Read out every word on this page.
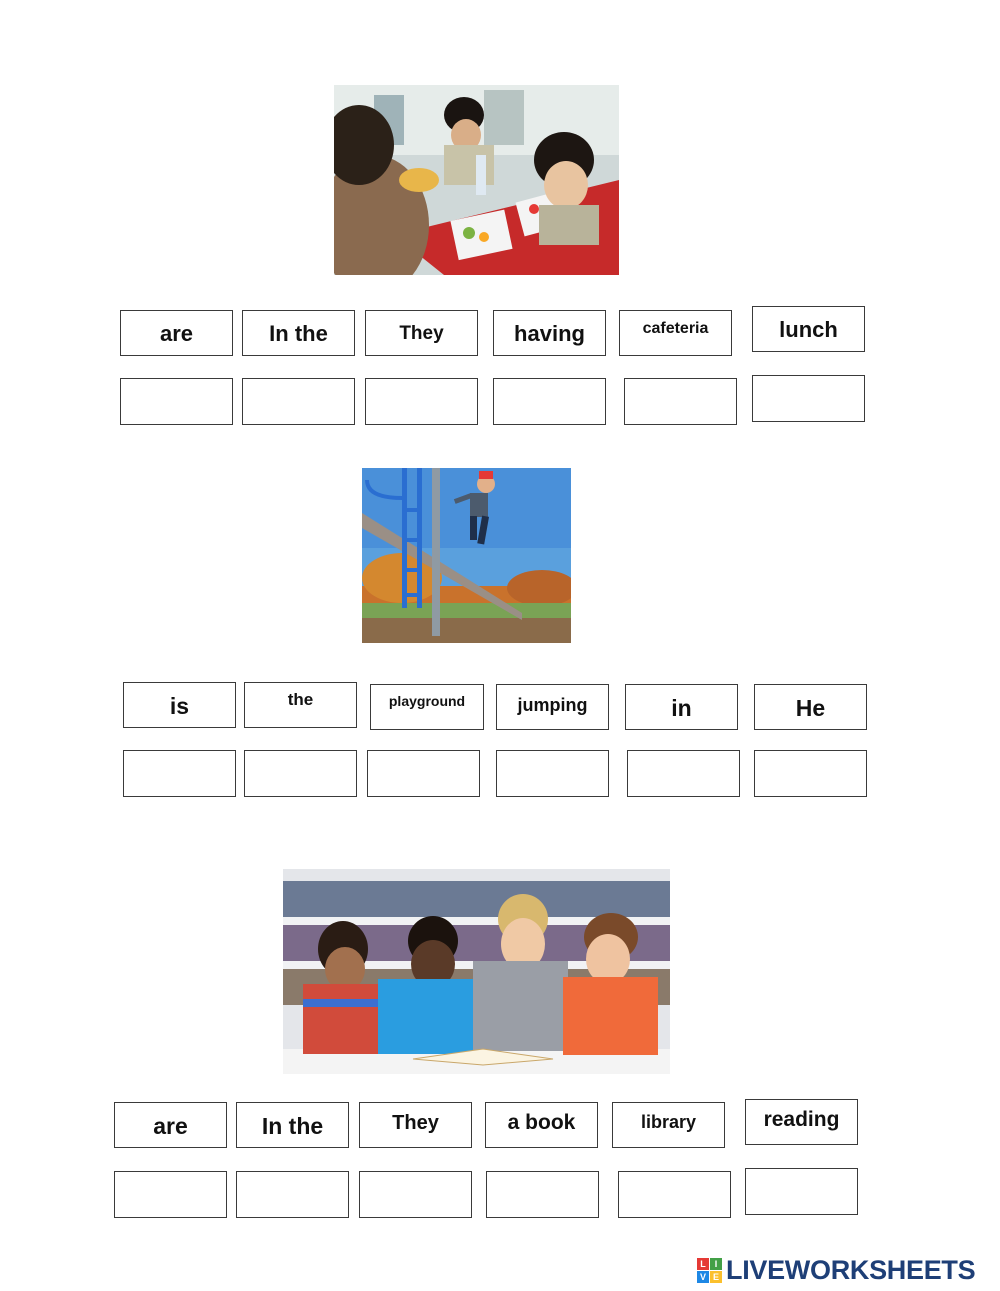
are	In the	They	having	cafeteria	lunch
is	the	playground	jumping	in	He
are	In the	They	a book	library	reading
L I
V E LIVEWORKSHEETS
